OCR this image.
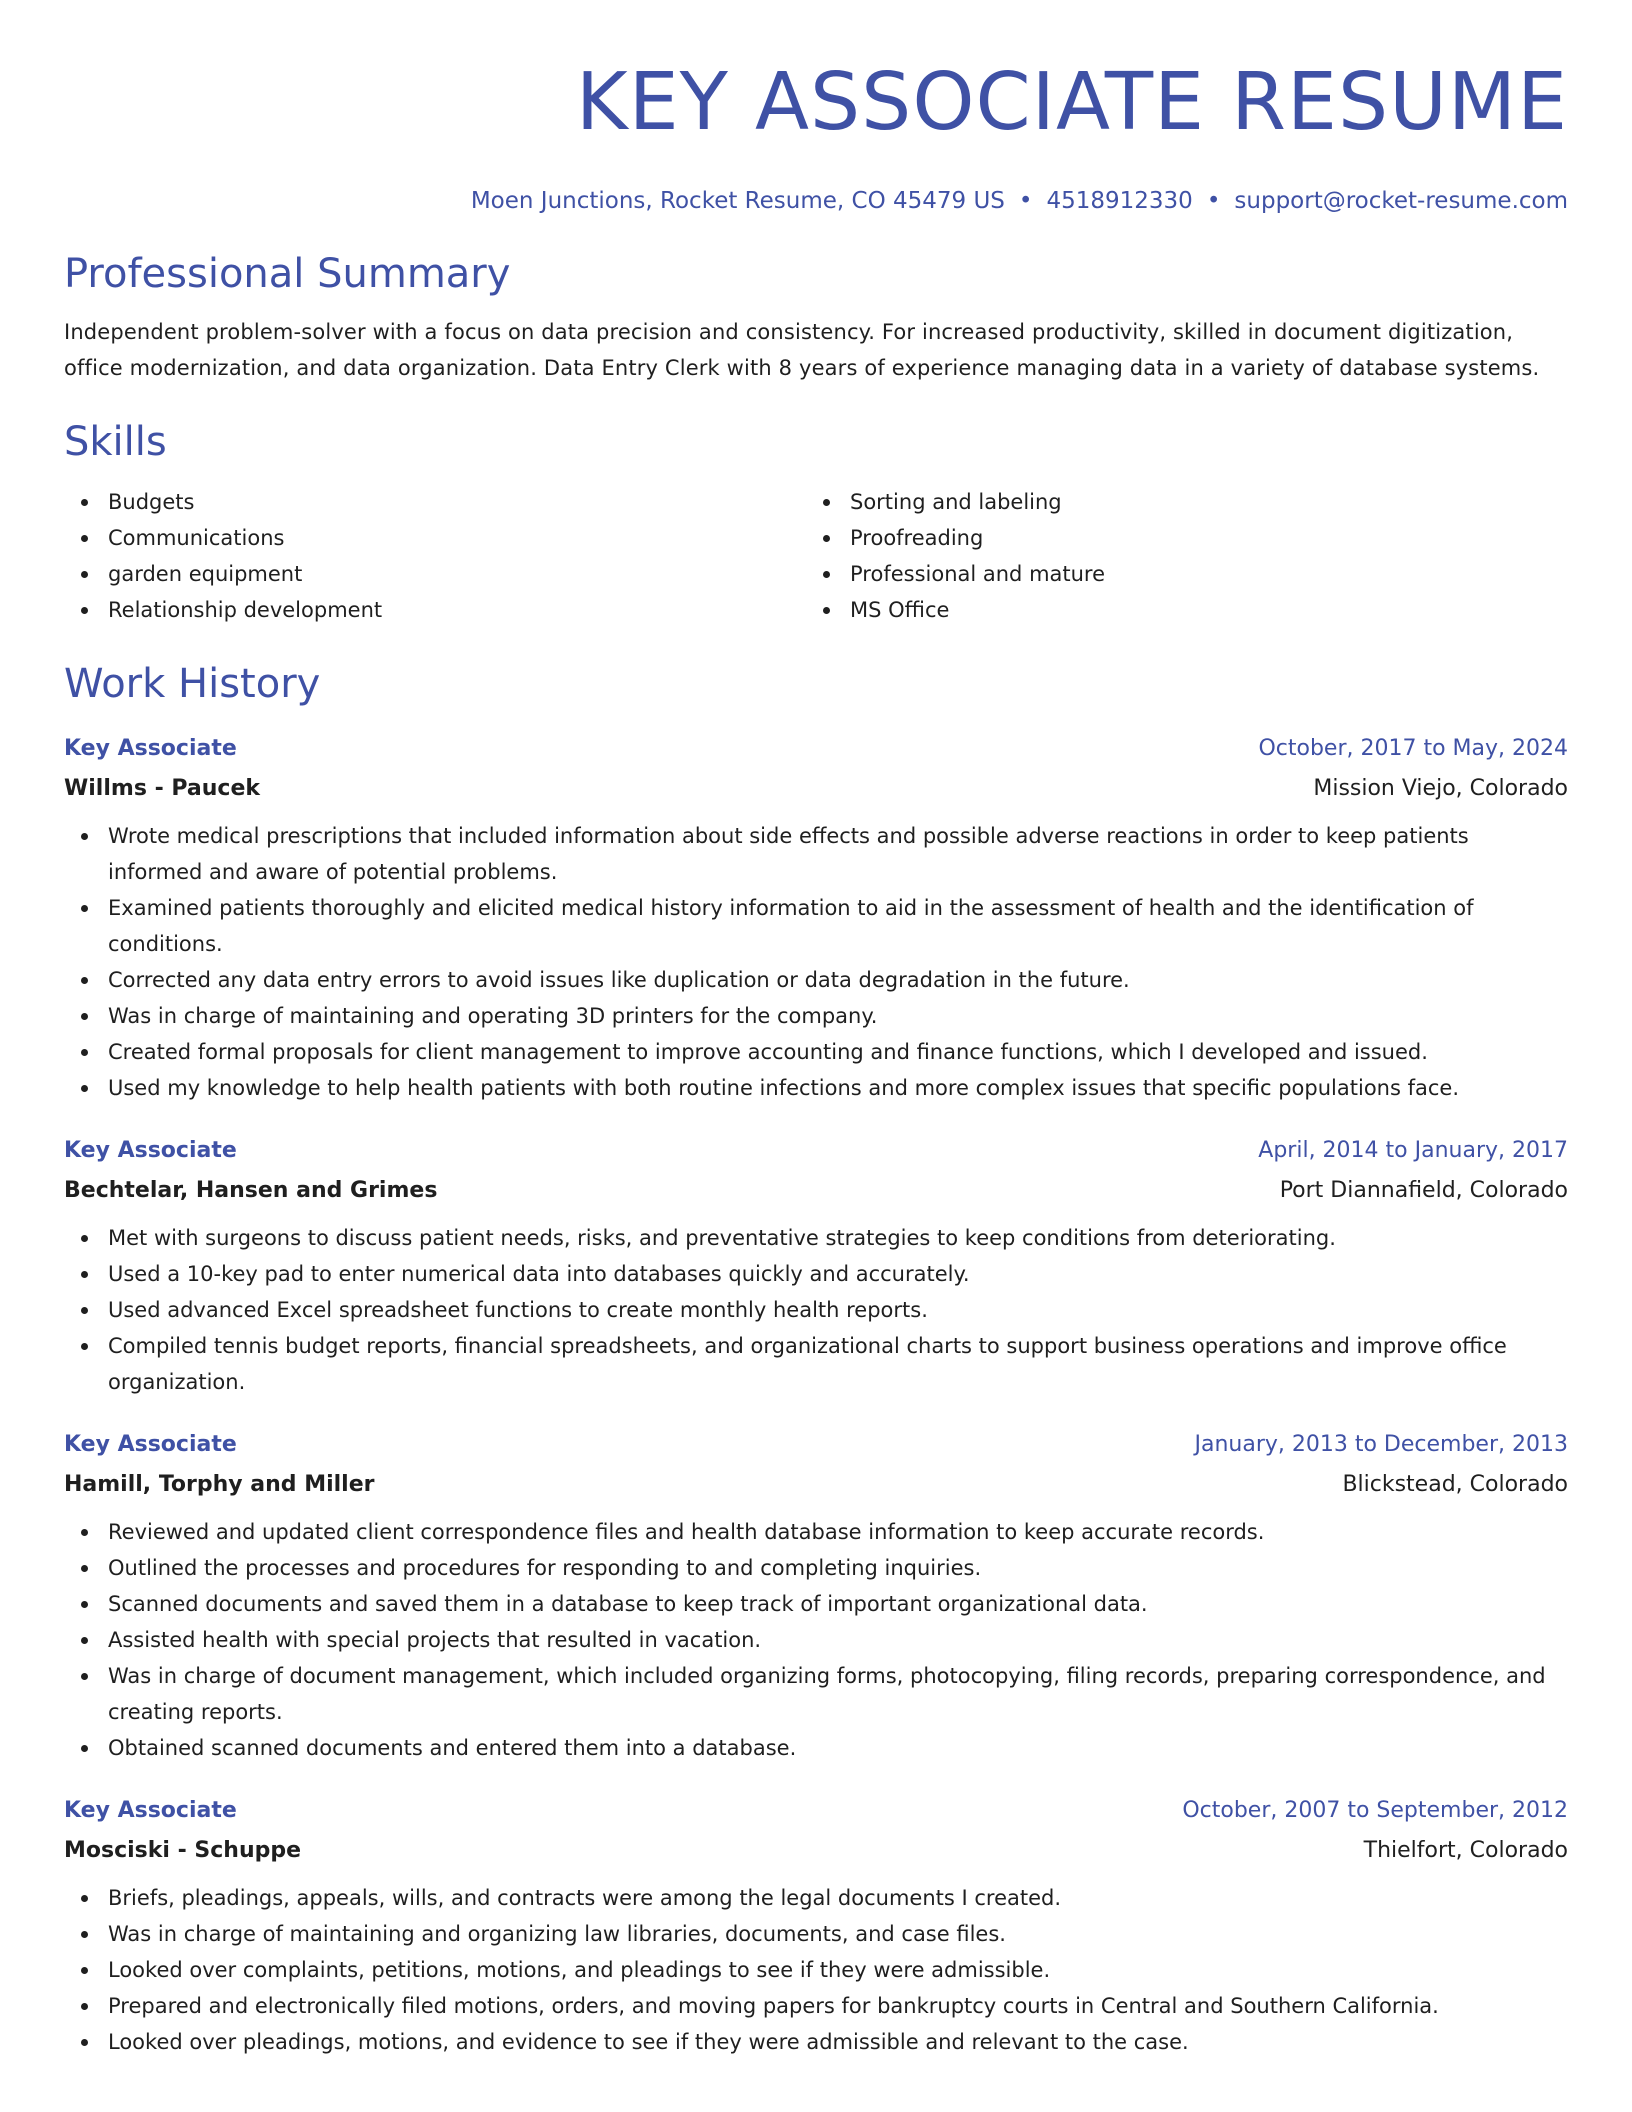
KEY ASSOCIATE RESUME
Moen Junctions, Rocket Resume, CO 45479 US • 4518912330 • support@rocket-resume.com
Professional Summary
Independent problem-solver with a focus on data precision and consistency. For increased productivity, skilled in document digitization, office modernization, and data organization. Data Entry Clerk with 8 years of experience managing data in a variety of database systems.
Skills
Budgets
Communications
garden equipment
Relationship development
Sorting and labeling
Proofreading
Professional and mature
MS Office
Work History
Key Associate	October, 2017 to May, 2024
Willms - Paucek	Mission Viejo, Colorado
Wrote medical prescriptions that included information about side effects and possible adverse reactions in order to keep patients informed and aware of potential problems.
Examined patients thoroughly and elicited medical history information to aid in the assessment of health and the identification of conditions.
Corrected any data entry errors to avoid issues like duplication or data degradation in the future.
Was in charge of maintaining and operating 3D printers for the company.
Created formal proposals for client management to improve accounting and finance functions, which I developed and issued.
Used my knowledge to help health patients with both routine infections and more complex issues that specific populations face.
Key Associate	April, 2014 to January, 2017
Bechtelar, Hansen and Grimes	Port Diannafield, Colorado
Met with surgeons to discuss patient needs, risks, and preventative strategies to keep conditions from deteriorating.
Used a 10-key pad to enter numerical data into databases quickly and accurately.
Used advanced Excel spreadsheet functions to create monthly health reports.
Compiled tennis budget reports, financial spreadsheets, and organizational charts to support business operations and improve office organization.
Key Associate	January, 2013 to December, 2013
Hamill, Torphy and Miller	Blickstead, Colorado
Reviewed and updated client correspondence files and health database information to keep accurate records.
Outlined the processes and procedures for responding to and completing inquiries.
Scanned documents and saved them in a database to keep track of important organizational data.
Assisted health with special projects that resulted in vacation.
Was in charge of document management, which included organizing forms, photocopying, filing records, preparing correspondence, and creating reports.
Obtained scanned documents and entered them into a database.
Key Associate	October, 2007 to September, 2012
Mosciski - Schuppe	Thielfort, Colorado
Briefs, pleadings, appeals, wills, and contracts were among the legal documents I created.
Was in charge of maintaining and organizing law libraries, documents, and case files.
Looked over complaints, petitions, motions, and pleadings to see if they were admissible.
Prepared and electronically filed motions, orders, and moving papers for bankruptcy courts in Central and Southern California.
Looked over pleadings, motions, and evidence to see if they were admissible and relevant to the case.
